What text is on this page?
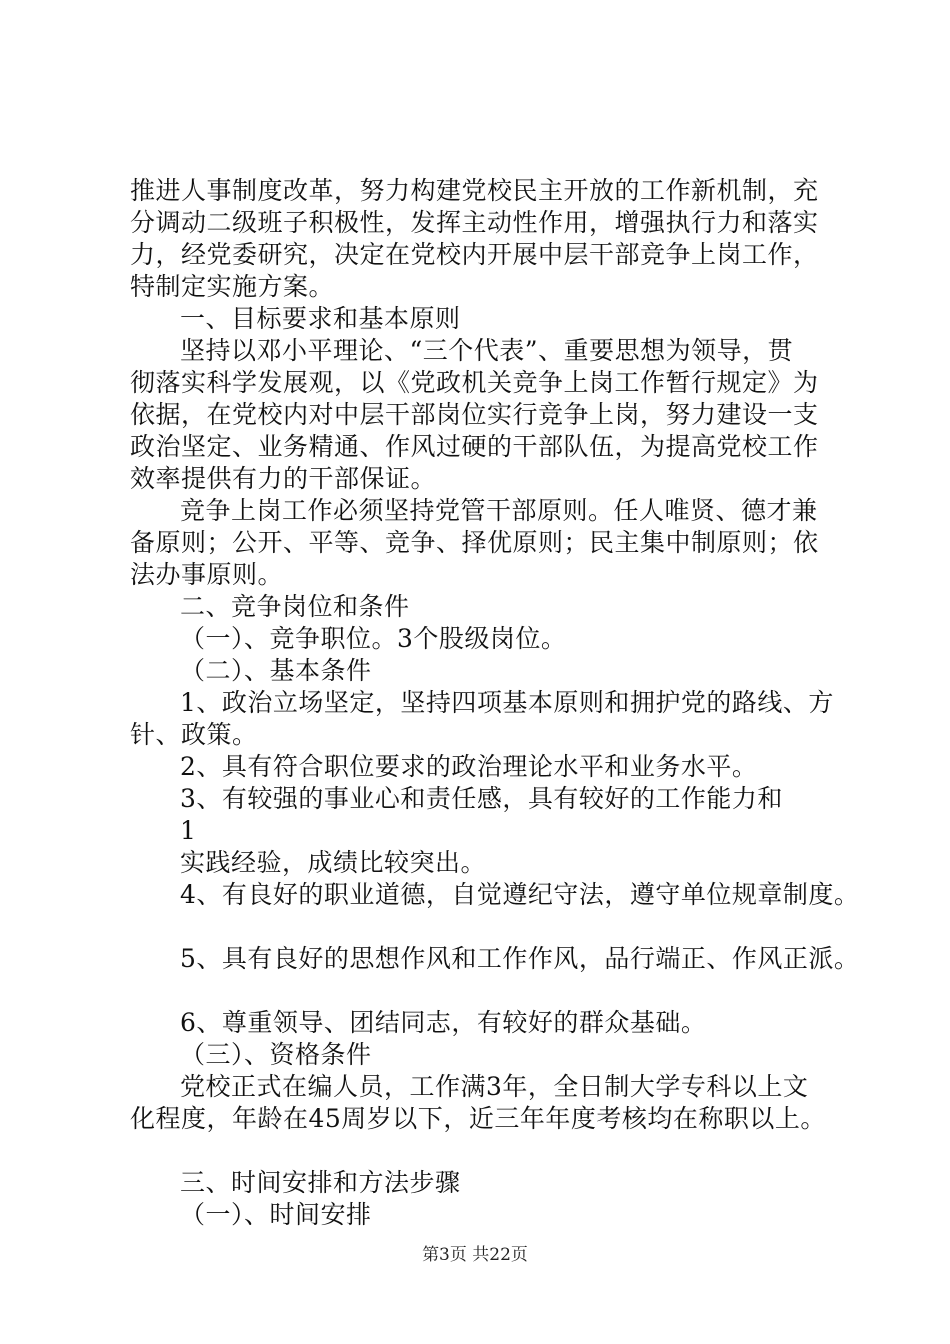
推进人事制度改革，努力构建党校民主开放的工作新机制，充
分调动二级班子积极性，发挥主动性作用，增强执行力和落实
力，经党委研究，决定在党校内开展中层干部竞争上岗工作，
特制定实施方案。
一、目标要求和基本原则
坚持以邓小平理论、“三个代表”、重要思想为领导，贯
彻落实科学发展观，以《党政机关竞争上岗工作暂行规定》为
依据，在党校内对中层干部岗位实行竞争上岗，努力建设一支
政治坚定、业务精通、作风过硬的干部队伍，为提高党校工作
效率提供有力的干部保证。
竞争上岗工作必须坚持党管干部原则。任人唯贤、德才兼
备原则；公开、平等、竞争、择优原则；民主集中制原则；依
法办事原则。
二、竞争岗位和条件
（一）、竞争职位。3个股级岗位。
（二）、基本条件
1、政治立场坚定，坚持四项基本原则和拥护党的路线、方
针、政策。
2、具有符合职位要求的政治理论水平和业务水平。
3、有较强的事业心和责任感，具有较好的工作能力和
1
实践经验，成绩比较突出。
4、有良好的职业道德，自觉遵纪守法，遵守单位规章制度。
5、具有良好的思想作风和工作作风，品行端正、作风正派。
6、尊重领导、团结同志，有较好的群众基础。
（三）、资格条件
党校正式在编人员，工作满3年，全日制大学专科以上文
化程度，年龄在45周岁以下，近三年年度考核均在称职以上。
三、时间安排和方法步骤
（一）、时间安排
第3页 共22页
